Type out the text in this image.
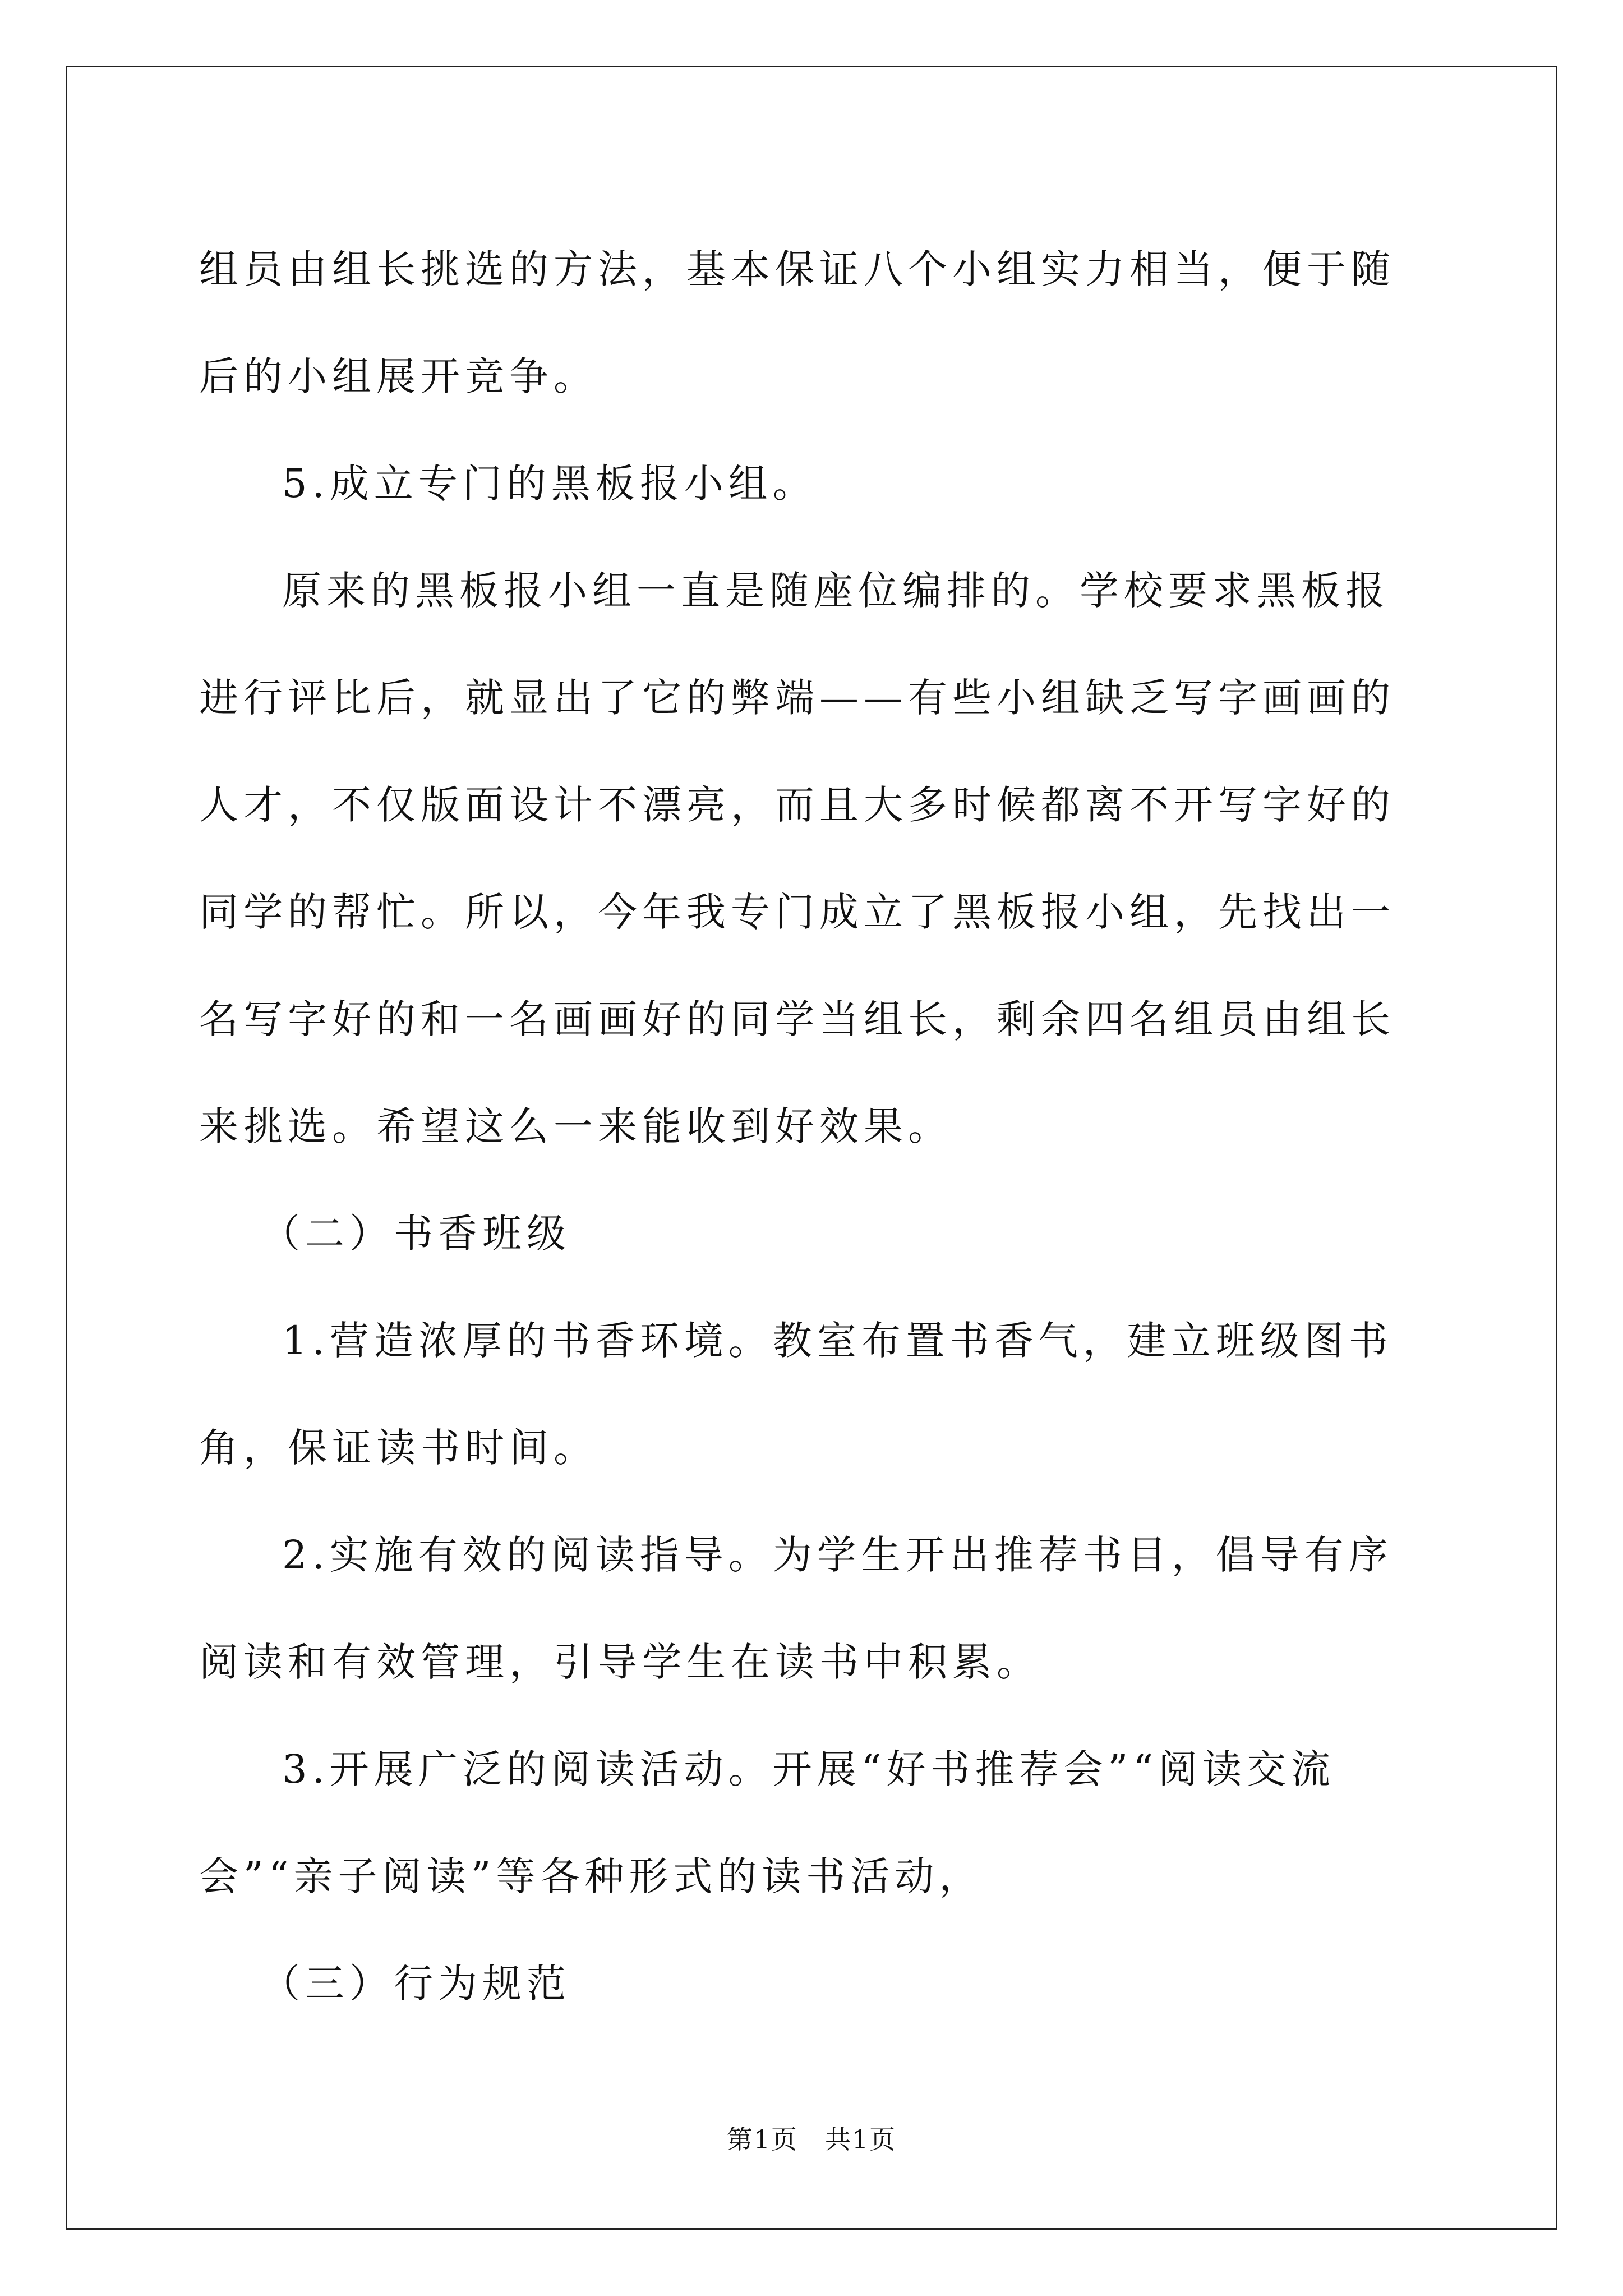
组员由组长挑选的方法，基本保证八个小组实力相当，便于随后的小组展开竞争。

5.成立专门的黑板报小组。

原来的黑板报小组一直是随座位编排的。学校要求黑板报进行评比后，就显出了它的弊端——有些小组缺乏写字画画的人才，不仅版面设计不漂亮，而且大多时候都离不开写字好的同学的帮忙。所以，今年我专门成立了黑板报小组，先找出一名写字好的和一名画画好的同学当组长，剩余四名组员由组长来挑选。希望这么一来能收到好效果。

（二）书香班级

1.营造浓厚的书香环境。教室布置书香气，建立班级图书角，保证读书时间。

2.实施有效的阅读指导。为学生开出推荐书目，倡导有序阅读和有效管理，引导学生在读书中积累。

3.开展广泛的阅读活动。开展“好书推荐会”“阅读交流会”“亲子阅读”等各种形式的读书活动，

（三）行为规范

第1页　共1页
